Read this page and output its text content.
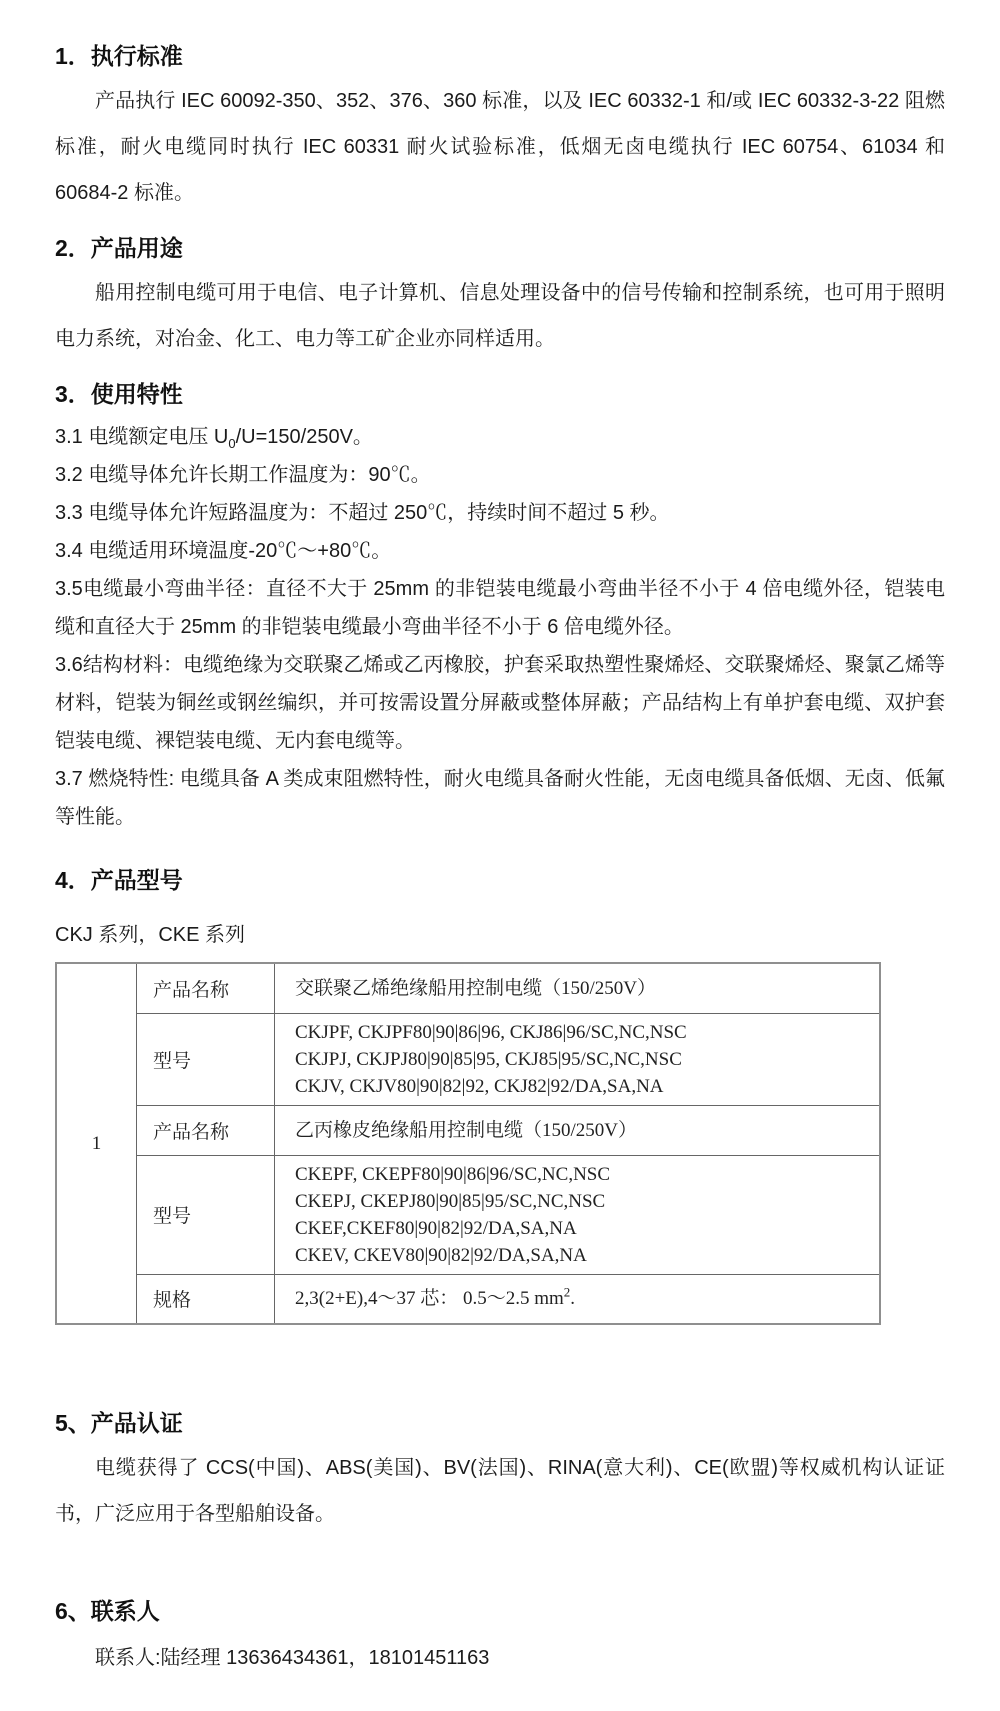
1．执行标准

产品执行 IEC 60092-350、352、376、360 标准，以及 IEC 60332-1 和/或 IEC 60332-3-22 阻燃标准，耐火电缆同时执行 IEC 60331 耐火试验标准，低烟无卤电缆执行 IEC 60754、61034 和 60684-2 标准。

2．产品用途

船用控制电缆可用于电信、电子计算机、信息处理设备中的信号传输和控制系统，也可用于照明电力系统，对冶金、化工、电力等工矿企业亦同样适用。

3．使用特性
3.1 电缆额定电压 $U_0/U=150/250V$。
3.2 电缆导体允许长期工作温度为：90℃。
3.3 电缆导体允许短路温度为：不超过 250℃，持续时间不超过 5 秒。
3.4 电缆适用环境温度-20℃～+80℃。
3.5电缆最小弯曲半径：直径不大于 25mm 的非铠装电缆最小弯曲半径不小于 4 倍电缆外径，铠装电缆和直径大于 25mm 的非铠装电缆最小弯曲半径不小于 6 倍电缆外径。
3.6结构材料：电缆绝缘为交联聚乙烯或乙丙橡胶，护套采取热塑性聚烯烃、交联聚烯烃、聚氯乙烯等材料，铠装为铜丝或钢丝编织，并可按需设置分屏蔽或整体屏蔽；产品结构上有单护套电缆、双护套铠装电缆、裸铠装电缆、无内套电缆等。
3.7 燃烧特性: 电缆具备 A 类成束阻燃特性，耐火电缆具备耐火性能，无卤电缆具备低烟、无卤、低氟等性能。
4．产品型号
CKJ 系列，CKE 系列
1	产品名称	交联聚乙烯绝缘船用控制电缆（150/250V）
	型号	CKJPF, CKJPF80|90|86|96, CKJ86|96/SC,NC,NSC
CKJPJ, CKJPJ80|90|85|95, CKJ85|95/SC,NC,NSC
CKJV, CKJV80|90|82|92, CKJ82|92/DA,SA,NA

	产品名称	乙丙橡皮绝缘船用控制电缆（150/250V）
	型号	CKEPF, CKEPF80|90|86|96/SC,NC,NSC
CKEPJ, CKEPJ80|90|85|95/SC,NC,NSC
CKEF,CKEF80|90|82|92/DA,SA,NA
CKEV, CKEV80|90|82|92/DA,SA,NA

	规格	2,3(2+E),4～37 芯： 0.5～2.5 $mm^2$.
5、产品认证

电缆获得了 CCS(中国)、ABS(美国)、BV(法国)、RINA(意大利)、CE(欧盟)等权威机构认证证书，广泛应用于各型船舶设备。

6、联系人
联系人:陆经理 13636434361，18101451163
